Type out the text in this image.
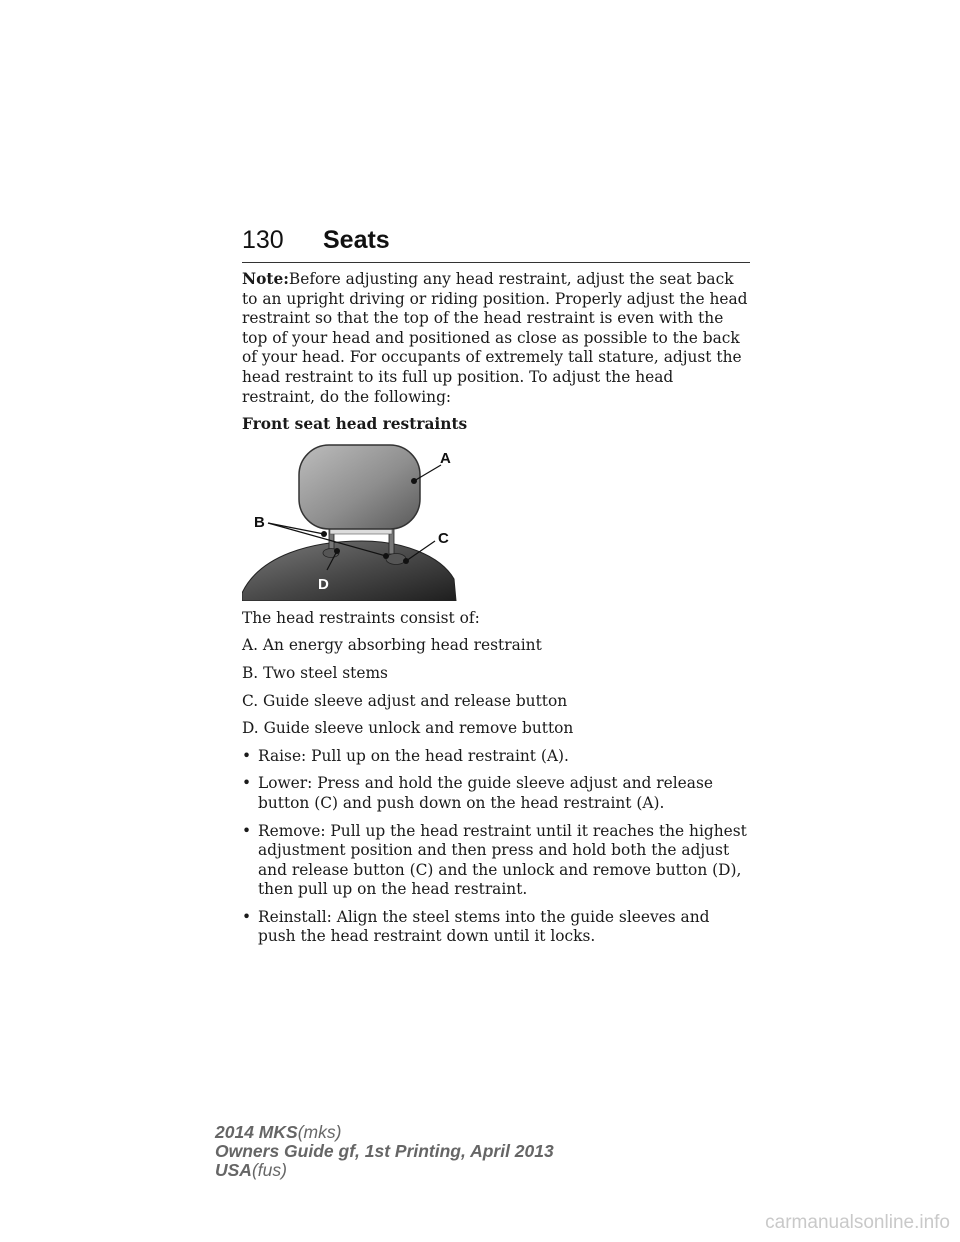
130 Seats

Note:Before adjusting any head restraint, adjust the seat back to an upright driving or riding position. Properly adjust the head restraint so that the top of the head restraint is even with the top of your head and positioned as close as possible to the back of your head. For occupants of extremely tall stature, adjust the head restraint to its full up position. To adjust the head restraint, do the following:

Front seat head restraints

A
B
C
D

The head restraints consist of:

A. An energy absorbing head restraint

B. Two steel stems

C. Guide sleeve adjust and release button

D. Guide sleeve unlock and remove button

• Raise: Pull up on the head restraint (A).
• Lower: Press and hold the guide sleeve adjust and release button (C) and push down on the head restraint (A).
• Remove: Pull up the head restraint until it reaches the highest adjustment position and then press and hold both the adjust and release button (C) and the unlock and remove button (D), then pull up on the head restraint.
• Reinstall: Align the steel stems into the guide sleeves and push the head restraint down until it locks.
2014 MKS(mks)
Owners Guide gf, 1st Printing, April 2013
USA(fus)
carmanualsonline.info
